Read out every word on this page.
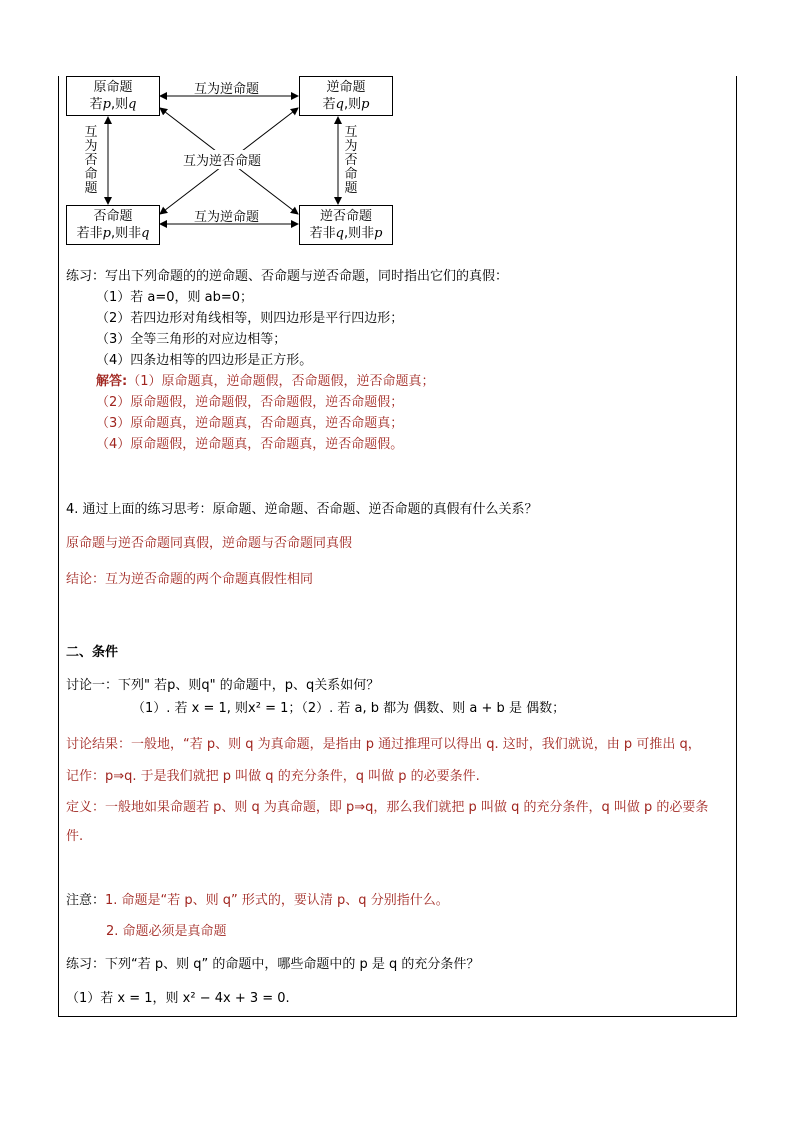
原命题
若p,则q
逆命题
若q,则p
否命题
若非p,则非q
逆否命题
若非q,则非p
互为逆命题
互为逆命题
互为逆否命题
互为否命题
互为否命题
练习：写出下列命题的的逆命题、否命题与逆否命题，同时指出它们的真假：
（1）若 a=0，则 ab=0；
（2）若四边形对角线相等，则四边形是平行四边形；
（3）全等三角形的对应边相等；
（4）四条边相等的四边形是正方形。
解答:（1）原命题真，逆命题假，否命题假，逆否命题真；
（2）原命题假，逆命题假，否命题假，逆否命题假；
（3）原命题真，逆命题真，否命题真，逆否命题真；
（4）原命题假，逆命题真，否命题真，逆否命题假。
4. 通过上面的练习思考：原命题、逆命题、否命题、逆否命题的真假有什么关系？
原命题与逆否命题同真假，逆命题与否命题同真假
结论：互为逆否命题的两个命题真假性相同
二、条件
讨论一：下列" 若p、则q" 的命题中，p、q关系如何？
（1）. 若 x = 1, 则x² = 1；（2）. 若 a, b 都为 偶数、则 a + b 是 偶数；
讨论结果：一般地，“若 p、则 q 为真命题，是指由 p 通过推理可以得出 q. 这时，我们就说，由 p 可推出 q，
记作：p⇒q. 于是我们就把 p 叫做 q 的充分条件，q 叫做 p 的必要条件.
定义：一般地如果命题若 p、则 q 为真命题，即 p⇒q，那么我们就把 p 叫做 q 的充分条件，q 叫做 p 的必要条
件.
注意：1. 命题是“若 p、则 q” 形式的，要认清 p、q 分别指什么。
2. 命题必须是真命题
练习：下列“若 p、则 q” 的命题中，哪些命题中的 p 是 q 的充分条件？
（1）若 x = 1，则 x² − 4x + 3 = 0.
